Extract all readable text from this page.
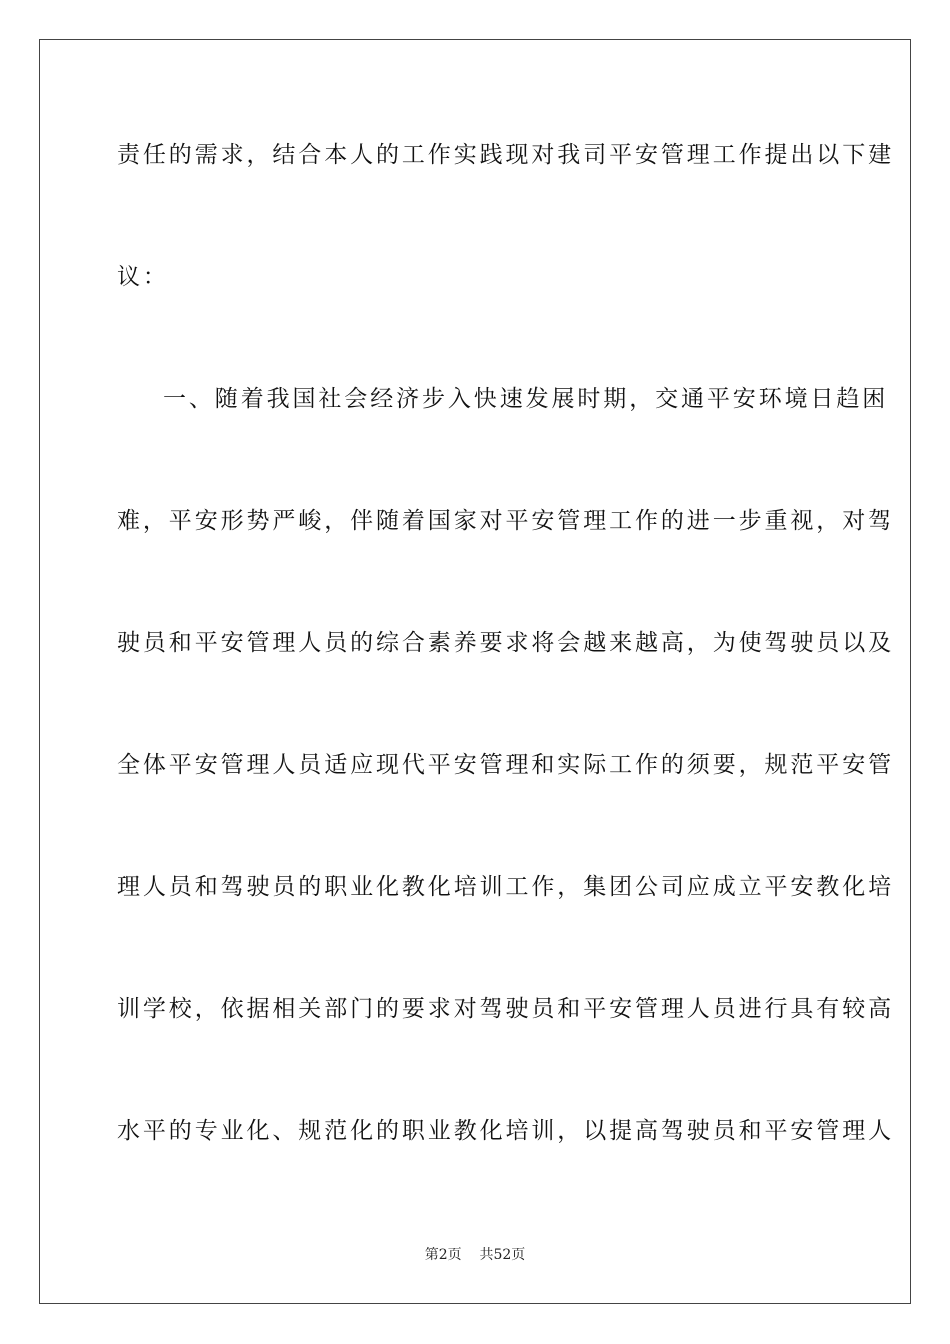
责任的需求，结合本人的工作实践现对我司平安管理工作提出以下建
议：
一、随着我国社会经济步入快速发展时期，交通平安环境日趋困
难，平安形势严峻，伴随着国家对平安管理工作的进一步重视，对驾
驶员和平安管理人员的综合素养要求将会越来越高，为使驾驶员以及
全体平安管理人员适应现代平安管理和实际工作的须要，规范平安管
理人员和驾驶员的职业化教化培训工作，集团公司应成立平安教化培
训学校，依据相关部门的要求对驾驶员和平安管理人员进行具有较高
水平的专业化、规范化的职业教化培训，以提高驾驶员和平安管理人
第2页 共52页
